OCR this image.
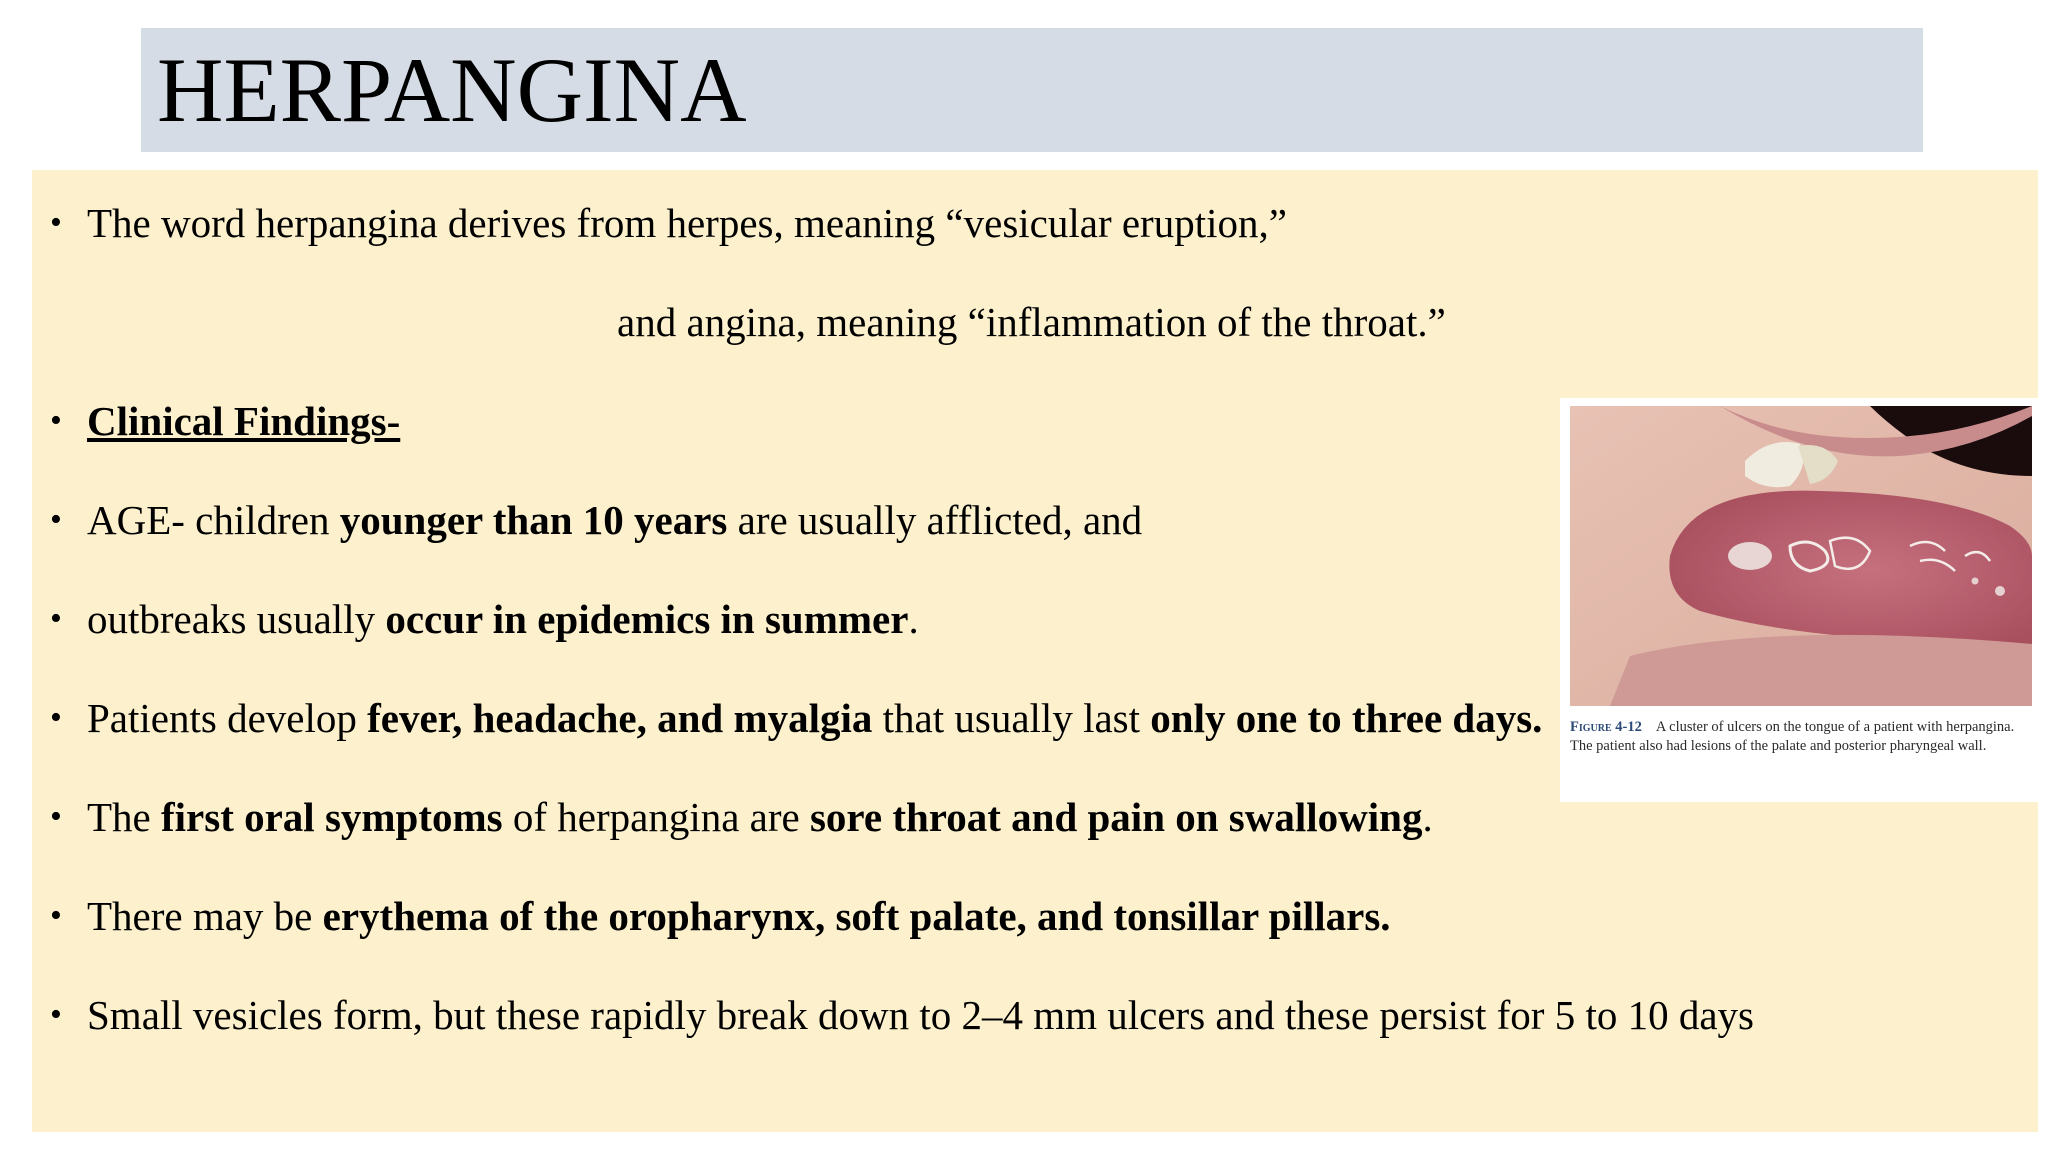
HERPANGINA
• The word herpangina derives from herpes, meaning “vesicular eruption,”
and angina, meaning “inflammation of the throat.”
• Clinical Findings-
• AGE- children younger than 10 years are usually afflicted, and
• outbreaks usually occur in epidemics in summer.
• Patients develop fever, headache, and myalgia that usually last only one to three days.
• The first oral symptoms of herpangina are sore throat and pain on swallowing.
• There may be erythema of the oropharynx, soft palate, and tonsillar pillars.
• Small vesicles form, but these rapidly break down to 2–4 mm ulcers and these persist for 5 to 10 days
Figure 4-12 A cluster of ulcers on the tongue of a patient with herpangina. The patient also had lesions of the palate and posterior pharyngeal wall.
